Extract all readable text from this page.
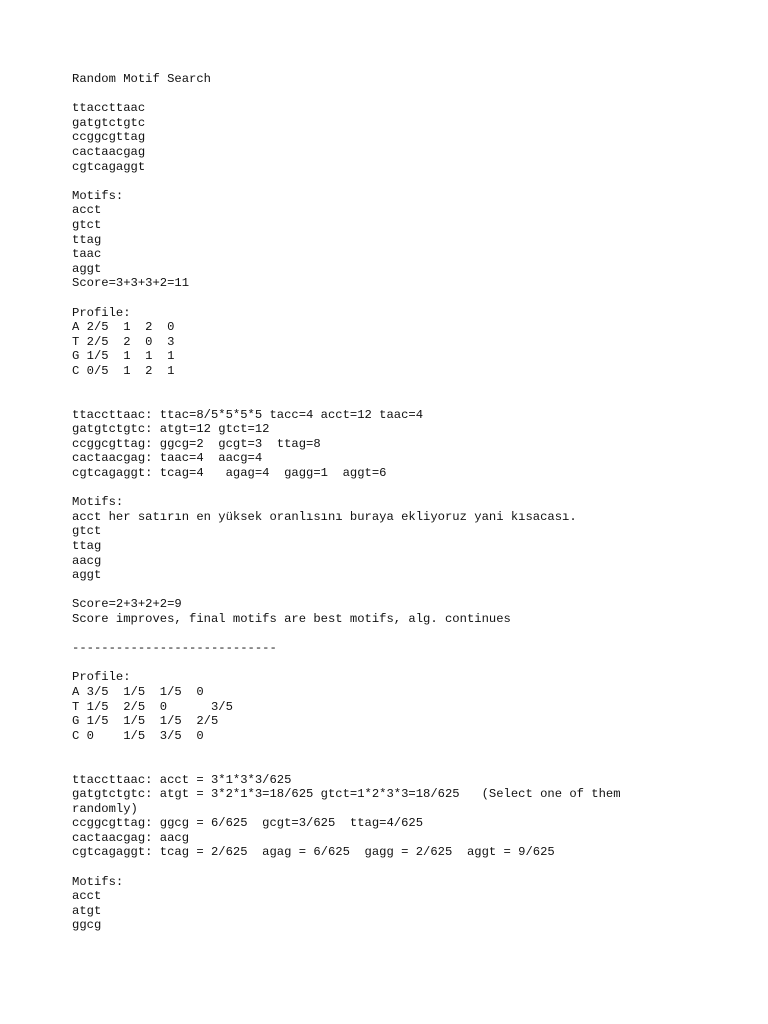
Random Motif Search
ttaccttaac
gatgtctgtc
ccggcgttag
cactaacgag
cgtcagaggt
Motifs:
acct
gtct
ttag
taac
aggt
Score=3+3+3+2=11
Profile:
A 2/5  1  2  0
T 2/5  2  0  3
G 1/5  1  1  1
C 0/5  1  2  1
ttaccttaac: ttac=8/5*5*5*5 tacc=4 acct=12 taac=4
gatgtctgtc: atgt=12 gtct=12
ccggcgttag: ggcg=2  gcgt=3  ttag=8
cactaacgag: taac=4  aacg=4
cgtcagaggt: tcag=4   agag=4  gagg=1  aggt=6
Motifs:
acct her satırın en yüksek oranlısını buraya ekliyoruz yani kısacası.
gtct
ttag
aacg
aggt
Score=2+3+2+2=9
Score improves, final motifs are best motifs, alg. continues
----------------------------
Profile:
A 3/5  1/5  1/5  0
T 1/5  2/5  0      3/5
G 1/5  1/5  1/5  2/5
C 0    1/5  3/5  0
ttaccttaac: acct = 3*1*3*3/625
gatgtctgtc: atgt = 3*2*1*3=18/625 gtct=1*2*3*3=18/625   (Select one of them
randomly)
ccggcgttag: ggcg = 6/625  gcgt=3/625  ttag=4/625
cactaacgag: aacg
cgtcagaggt: tcag = 2/625  agag = 6/625  gagg = 2/625  aggt = 9/625
Motifs:
acct
atgt
ggcg
